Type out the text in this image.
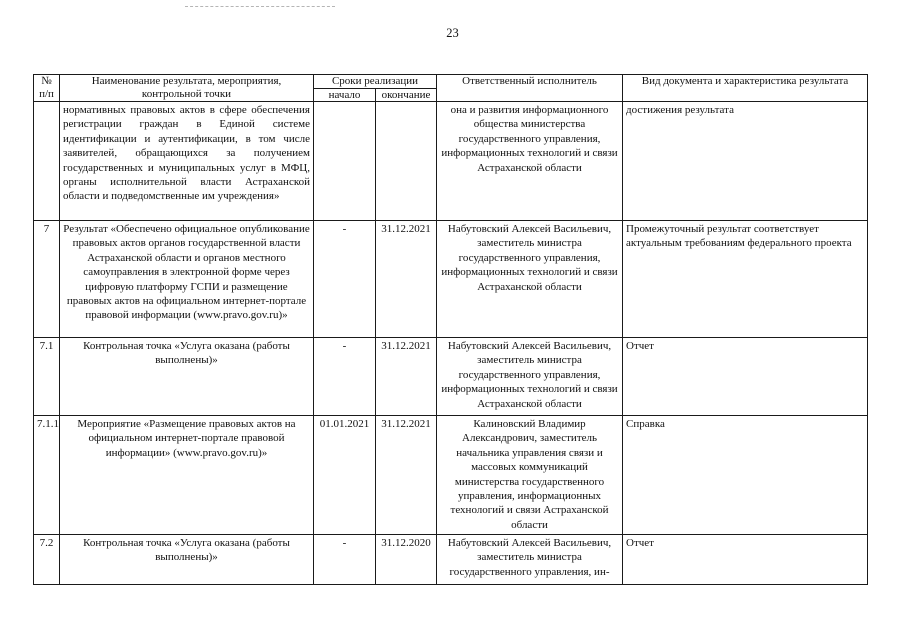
23
№ п/п	Наименование результата, мероприятия, контрольной точки	Сроки реализации		Ответственный исполнитель	Вид документа и характеристика результата
		начало	окончание		
	нормативных правовых актов в сфере обеспечения регистрации граждан в Единой системе идентификации и аутентификации, в том числе заявителей, обращающихся за получением государственных и муниципальных услуг в МФЦ, органы исполнительной власти Астраханской области и подведомственные им учреждения»			она и развития информационного общества министерства государственного управления, информационных технологий и связи Астраханской области	достижения результата
7	Результат «Обеспечено официальное опубликование правовых актов органов государственной власти Астраханской области и органов местного самоуправления в электронной форме через цифровую платформу ГСПИ и размещение правовых актов на официальном интернет-портале правовой информации (www.pravo.gov.ru)»	-	31.12.2021	Набутовский Алексей Васильевич, заместитель министра государственного управления, информационных технологий и связи Астраханской области	Промежуточный результат соответствует актуальным требованиям федерального проекта
7.1	Контрольная точка «Услуга оказана (работы выполнены)»	-	31.12.2021	Набутовский Алексей Васильевич, заместитель министра государственного управления, информационных технологий и связи Астраханской области	Отчет
7.1.1	Мероприятие «Размещение правовых актов на официальном интернет-портале правовой информации» (www.pravo.gov.ru)»	01.01.2021	31.12.2021	Калиновский Владимир Александрович, заместитель начальника управления связи и массовых коммуникаций министерства государственного управления, информационных технологий и связи Астраханской области	Справка
7.2	Контрольная точка «Услуга оказана (работы выполнены)»	-	31.12.2020	Набутовский Алексей Васильевич, заместитель министра государственного управления, ин-	Отчет
